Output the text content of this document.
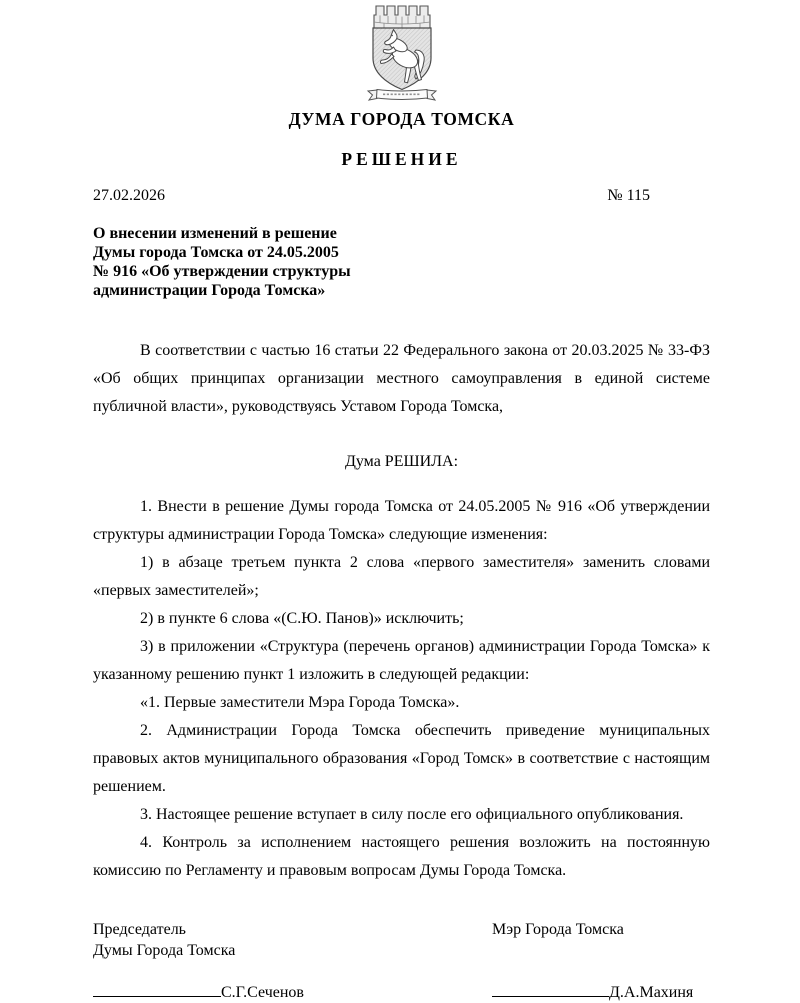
ДУМА ГОРОДА ТОМСКА
РЕШЕНИЕ
27.02.2026	№ 115
О внесении изменений в решение
Думы города Томска от 24.05.2005
№ 916 «Об утверждении структуры
администрации Города Томска»

В соответствии с частью 16 статьи 22 Федерального закона от 20.03.2025 № 33-ФЗ «Об общих принципах организации местного самоуправления в единой системе публичной власти», руководствуясь Уставом Города Томска,

Дума РЕШИЛА:

1. Внести в решение Думы города Томска от 24.05.2005 № 916 «Об утверждении структуры администрации Города Томска» следующие изменения:

1) в абзаце третьем пункта 2 слова «первого заместителя» заменить словами «первых заместителей»;

2) в пункте 6 слова «(С.Ю. Панов)» исключить;

3) в приложении «Структура (перечень органов) администрации Города Томска» к указанному решению пункт 1 изложить в следующей редакции:

«1. Первые заместители Мэра Города Томска».

2. Администрации Города Томска обеспечить приведение муниципальных правовых актов муниципального образования «Город Томск» в соответствие с настоящим решением.

3. Настоящее решение вступает в силу после его официального опубликования.

4. Контроль за исполнением настоящего решения возложить на постоянную комиссию по Регламенту и правовым вопросам Думы Города Томска.

Председатель
Думы Города Томска
Мэр Города Томска
С.Г.Сеченов	Д.А.Махиня
